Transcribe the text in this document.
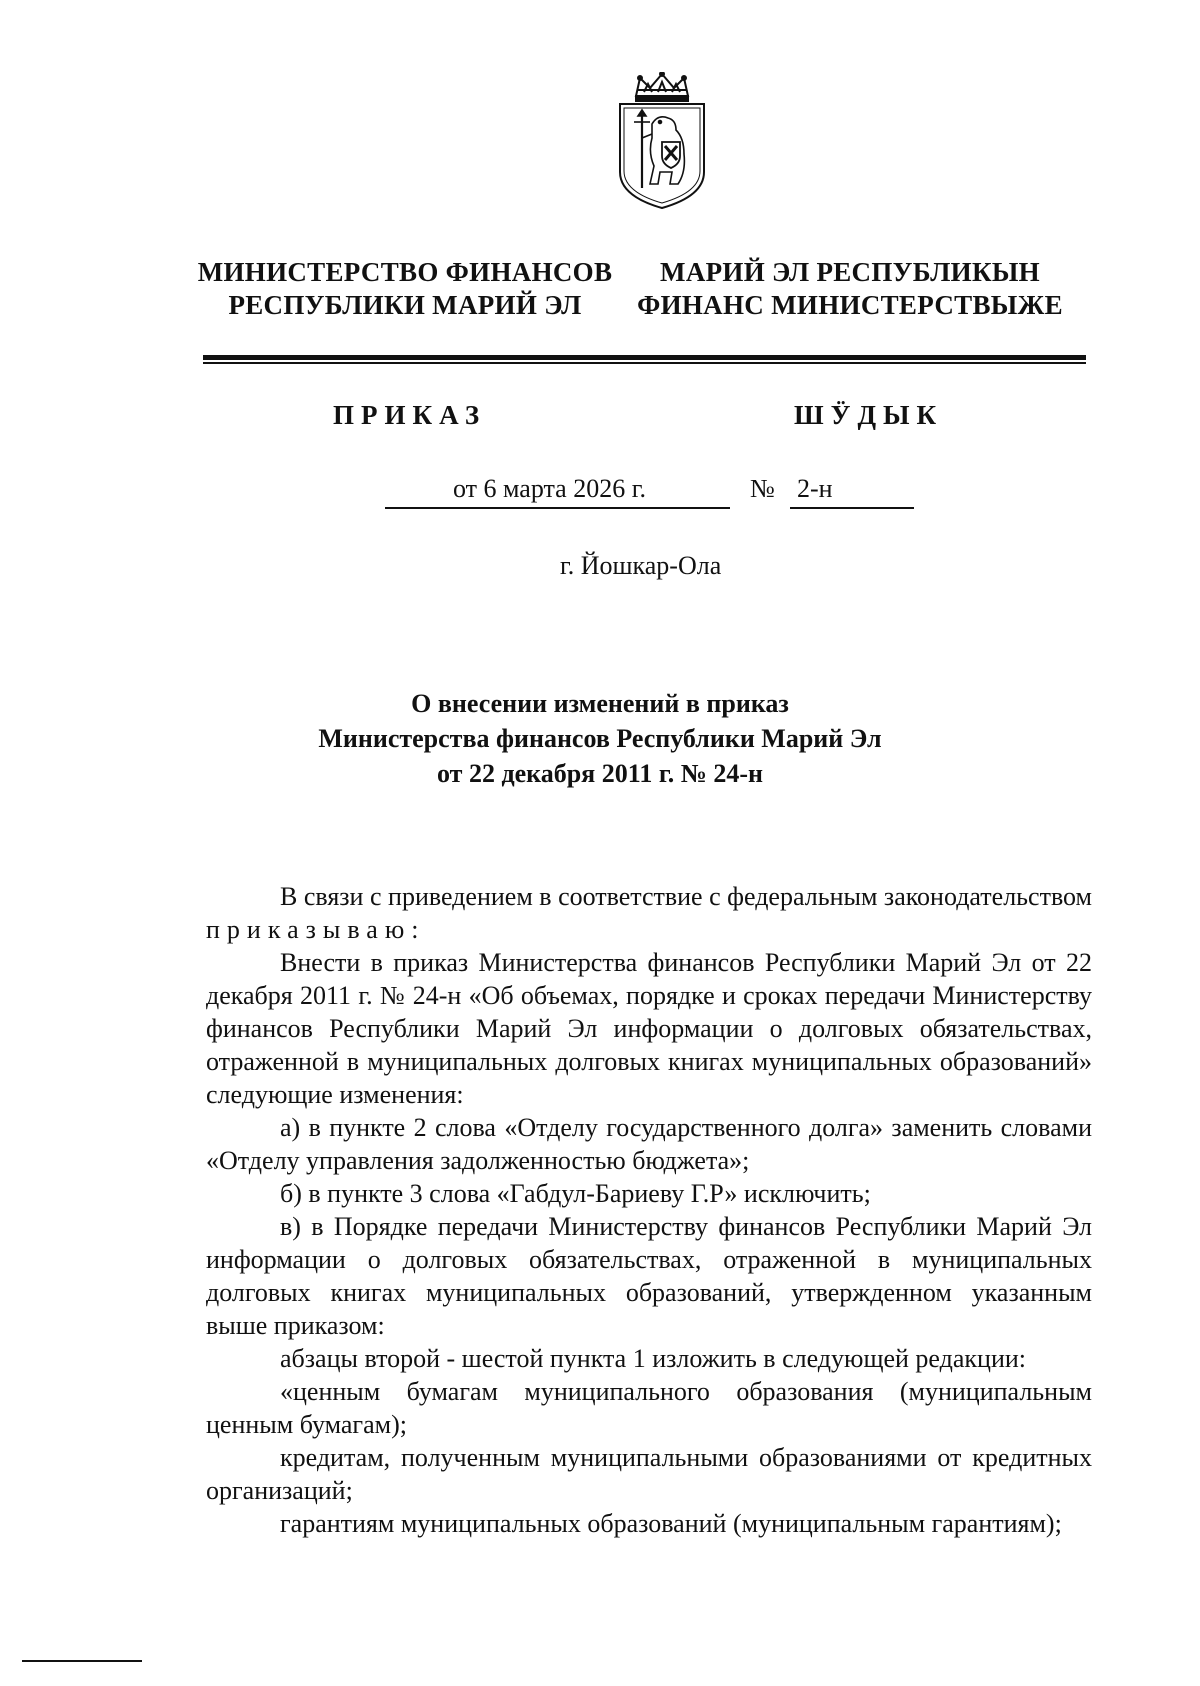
МИНИСТЕРСТВО ФИНАНСОВ
РЕСПУБЛИКИ МАРИЙ ЭЛ
МАРИЙ ЭЛ РЕСПУБЛИКЫН
ФИНАНС МИНИСТЕРСТВЫЖЕ
ПРИКАЗ	ШӰДЫК
от 6 марта 2026 г.	№ 2-н
г. Йошкар-Ола
О внесении изменений в приказ
Министерства финансов Республики Марий Эл
от 22 декабря 2011 г. № 24-н

В связи с приведением в соответствие с федеральным законодательством приказываю:

Внести в приказ Министерства финансов Республики Марий Эл от 22 декабря 2011 г. № 24-н «Об объемах, порядке и сроках передачи Министерству финансов Республики Марий Эл информации о долговых обязательствах, отраженной в муниципальных долговых книгах муниципальных образований» следующие изменения:

а) в пункте 2 слова «Отделу государственного долга» заменить словами «Отделу управления задолженностью бюджета»;

б) в пункте 3 слова «Габдул-Бариеву Г.Р» исключить;

в) в Порядке передачи Министерству финансов Республики Марий Эл информации о долговых обязательствах, отраженной в муниципальных долговых книгах муниципальных образований, утвержденном указанным выше приказом:

абзацы второй - шестой пункта 1 изложить в следующей редакции:

«ценным бумагам муниципального образования (муниципальным ценным бумагам);

кредитам, полученным муниципальными образованиями от кредитных организаций;

гарантиям муниципальных образований (муниципальным гарантиям);
